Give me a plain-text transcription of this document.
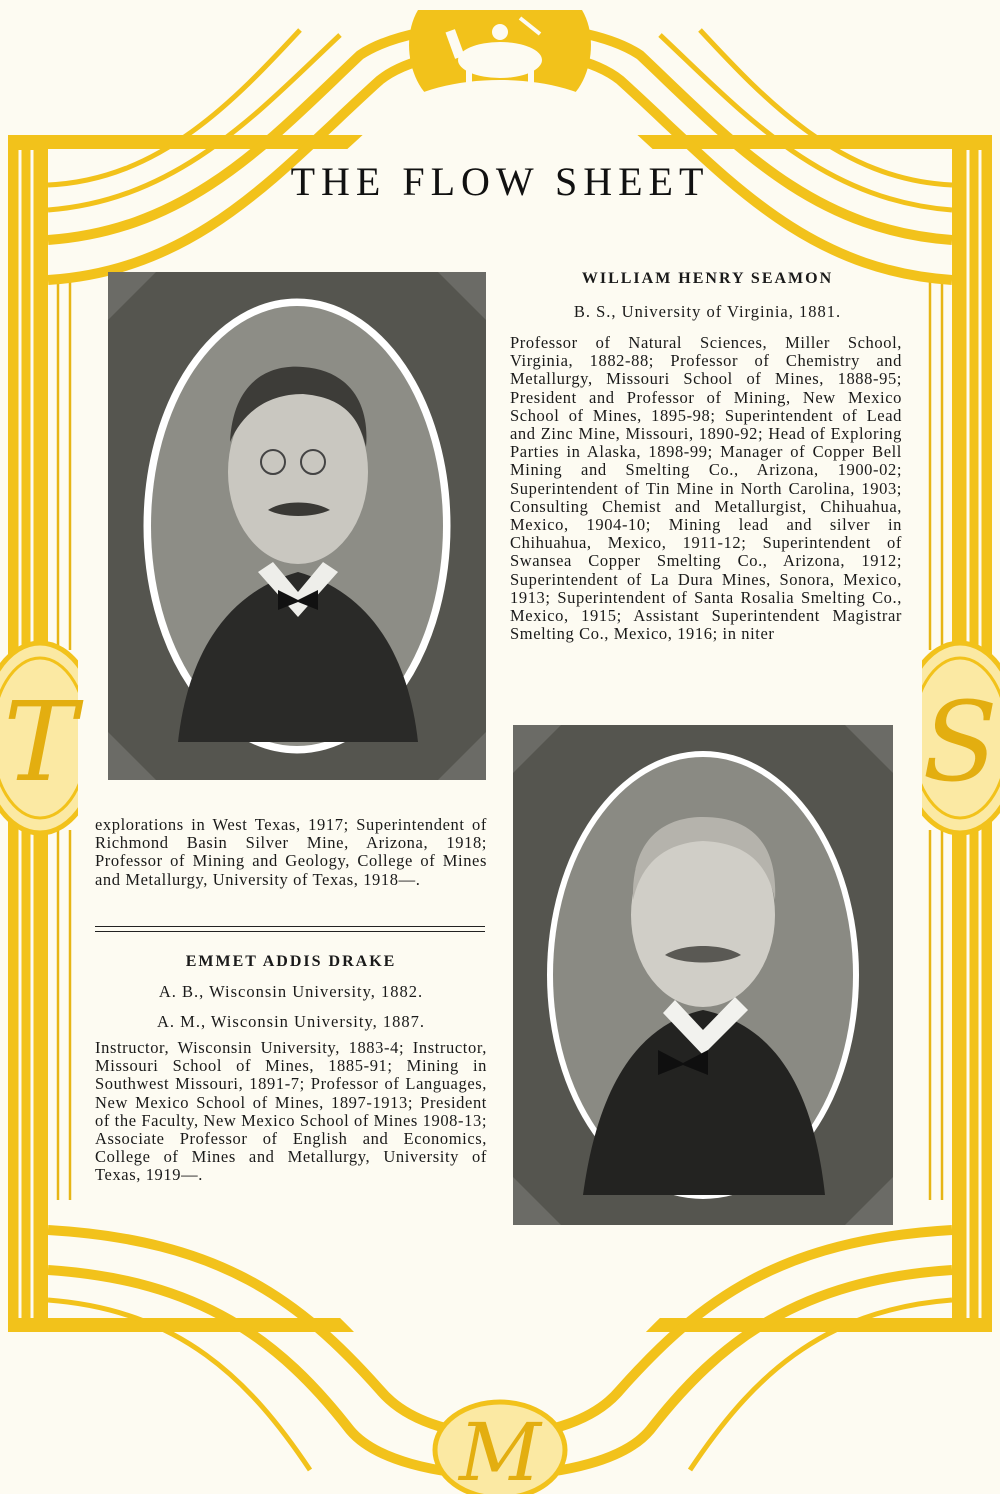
T	S
M
THE FLOW SHEET
WILLIAM HENRY SEAMON
B. S., University of Virginia, 1881.
Professor of Natural Sciences, Miller School, Virginia, 1882-88; Professor of Chemistry and Metallurgy, Missouri School of Mines, 1888-95; President and Professor of Mining, New Mexico School of Mines, 1895-98; Superintendent of Lead and Zinc Mine, Missouri, 1890-92; Head of Exploring Parties in Alaska, 1898-99; Manager of Copper Bell Mining and Smelting Co., Arizona, 1900-02; Superintendent of Tin Mine in North Carolina, 1903; Consulting Chemist and Metallurgist, Chihuahua, Mexico, 1904-10; Mining lead and silver in Chihuahua, Mexico, 1911-12; Superintendent of Swansea Copper Smelting Co., Arizona, 1912; Superintendent of La Dura Mines, Sonora, Mexico, 1913; Superintendent of Santa Rosalia Smelting Co., Mexico, 1915; Assistant Superintendent Magistrar Smelting Co., Mexico, 1916; in niter
explorations in West Texas, 1917; Superintendent of Richmond Basin Silver Mine, Arizona, 1918; Professor of Mining and Geology, College of Mines and Metallurgy, University of Texas, 1918—.
EMMET ADDIS DRAKE
A. B., Wisconsin University, 1882.
A. M., Wisconsin University, 1887.
Instructor, Wisconsin University, 1883-4; Instructor, Missouri School of Mines, 1885-91; Mining in Southwest Missouri, 1891-7; Professor of Languages, New Mexico School of Mines, 1897-1913; President of the Faculty, New Mexico School of Mines 1908-13; Associate Professor of English and Economics, College of Mines and Metallurgy, University of Texas, 1919—.
